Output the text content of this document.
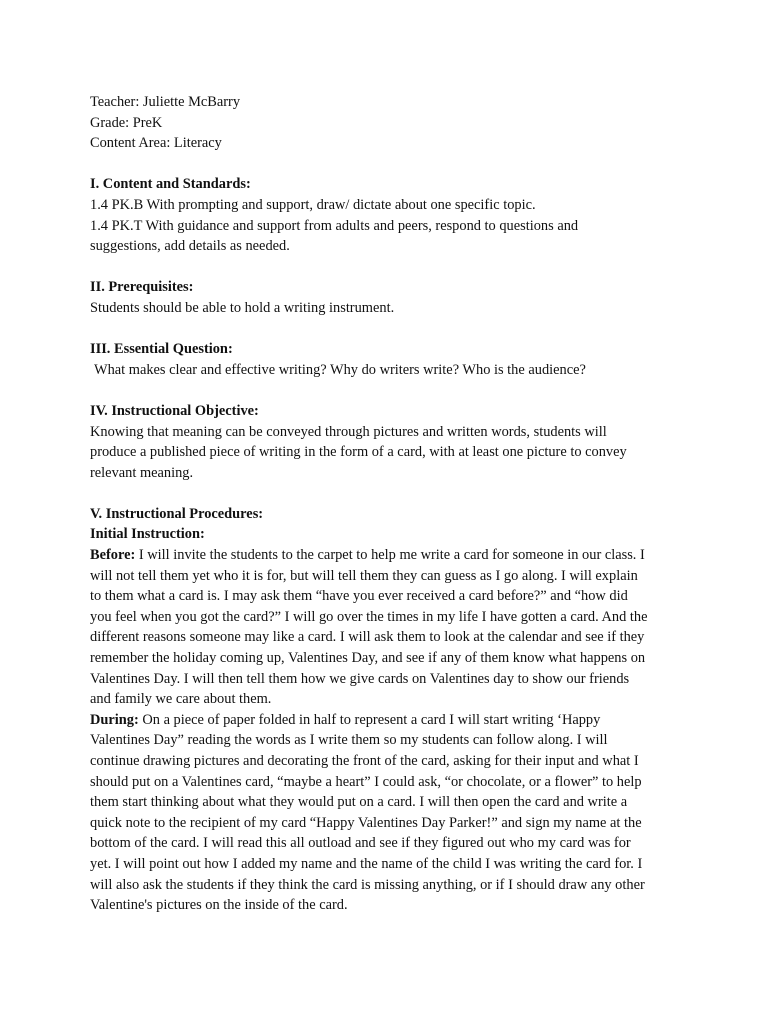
Teacher: Juliette McBarry
Grade: PreK
Content Area: Literacy
I. Content and Standards:
1.4 PK.B With prompting and support, draw/ dictate about one specific topic.
1.4 PK.T With guidance and support from adults and peers, respond to questions and
suggestions, add details as needed.
II. Prerequisites:
Students should be able to hold a writing instrument.
III. Essential Question:
What makes clear and effective writing? Why do writers write? Who is the audience?
IV. Instructional Objective:
Knowing that meaning can be conveyed through pictures and written words, students will
produce a published piece of writing in the form of a card, with at least one picture to convey
relevant meaning.
V. Instructional Procedures:
Initial Instruction:
Before: I will invite the students to the carpet to help me write a card for someone in our class. I
will not tell them yet who it is for, but will tell them they can guess as I go along. I will explain
to them what a card is. I may ask them “have you ever received a card before?” and “how did
you feel when you got the card?” I will go over the times in my life I have gotten a card. And the
different reasons someone may like a card. I will ask them to look at the calendar and see if they
remember the holiday coming up, Valentines Day, and see if any of them know what happens on
Valentines Day. I will then tell them how we give cards on Valentines day to show our friends
and family we care about them.
During: On a piece of paper folded in half to represent a card I will start writing ‘Happy
Valentines Day” reading the words as I write them so my students can follow along. I will
continue drawing pictures and decorating the front of the card, asking for their input and what I
should put on a Valentines card, “maybe a heart” I could ask, “or chocolate, or a flower” to help
them start thinking about what they would put on a card. I will then open the card and write a
quick note to the recipient of my card “Happy Valentines Day Parker!” and sign my name at the
bottom of the card. I will read this all outload and see if they figured out who my card was for
yet. I will point out how I added my name and the name of the child I was writing the card for. I
will also ask the students if they think the card is missing anything, or if I should draw any other
Valentine's pictures on the inside of the card.
